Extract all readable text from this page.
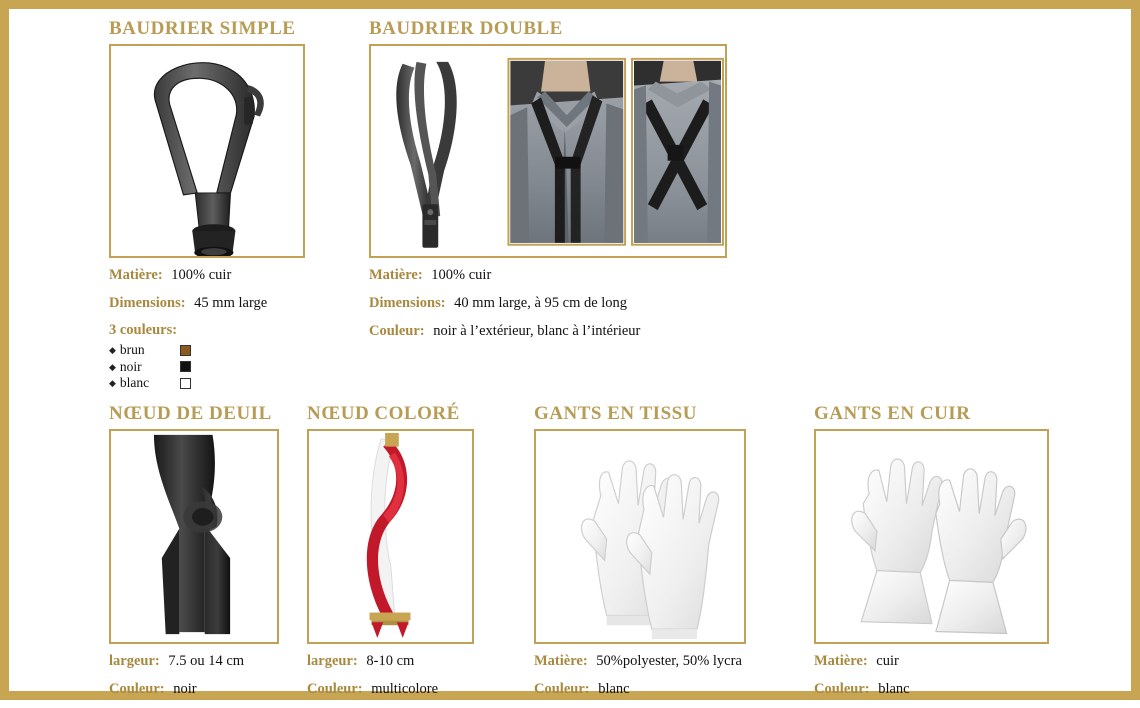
BAUDRIER SIMPLE
Matière: 100% cuir
Dimensions: 45 mm large
3 couleurs:
◆ brun
◆ noir
◆ blanc
BAUDRIER DOUBLE
Matière: 100% cuir
Dimensions: 40 mm large, à 95 cm de long
Couleur: noir à l’extérieur, blanc à l’intérieur
NŒUD DE DEUIL
largeur: 7.5 ou 14 cm
Couleur: noir
NŒUD COLORÉ
largeur: 8-10 cm
Couleur: multicolore
GANTS EN TISSU
Matière: 50%polyester, 50% lycra
Couleur: blanc
GANTS EN CUIR
Matière: cuir
Couleur: blanc
